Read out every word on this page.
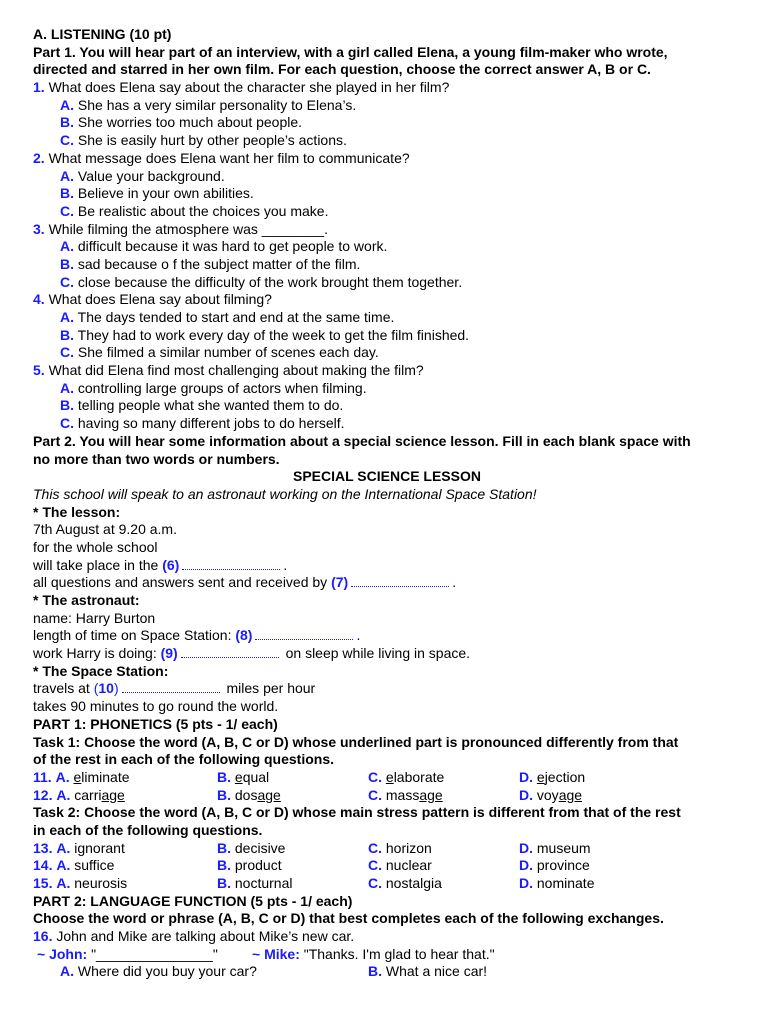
A. LISTENING (10 pt)
Part 1. You will hear part of an interview, with a girl called Elena, a young film-maker who wrote,
directed and starred in her own film. For each question, choose the correct answer A, B or C.
1. What does Elena say about the character she played in her film?
A. She has a very similar personality to Elena’s.
B. She worries too much about people.
C. She is easily hurt by other people’s actions.
2. What message does Elena want her film to communicate?
A. Value your background.
B. Believe in your own abilities.
C. Be realistic about the choices you make.
3. While filming the atmosphere was ________.
A. difficult because it was hard to get people to work.
B. sad because o f the subject matter of the film.
C. close because the difficulty of the work brought them together.
4. What does Elena say about filming?
A. The days tended to start and end at the same time.
B. They had to work every day of the week to get the film finished.
C. She filmed a similar number of scenes each day.
5. What did Elena find most challenging about making the film?
A. controlling large groups of actors when filming.
B. telling people what she wanted them to do.
C. having so many different jobs to do herself.
Part 2. You will hear some information about a special science lesson. Fill in each blank space with
no more than two words or numbers.
SPECIAL SCIENCE LESSON
This school will speak to an astronaut working on the International Space Station!
* The lesson:
7th August at 9.20 a.m.
for the whole school
will take place in the (6)	.
all questions and answers sent and received by (7)	.
* The astronaut:
name: Harry Burton
length of time on Space Station: (8)	.
work Harry is doing: (9)	on sleep while living in space.
* The Space Station:
travels at (10)	miles per hour
takes 90 minutes to go round the world.
PART 1: PHONETICS (5 pts - 1/ each)
Task 1: Choose the word (A, B, C or D) whose underlined part is pronounced differently from that
of the rest in each of the following questions.
11. A. eliminate	B. equal	C. elaborate	D. ejection
12. A. carriage	B. dosage	C. massage	D. voyage
Task 2: Choose the word (A, B, C or D) whose main stress pattern is different from that of the rest
in each of the following questions.
13. A. ignorant	B. decisive	C. horizon	D. museum
14. A. suffice	B. product	C. nuclear	D. province
15. A. neurosis	B. nocturnal	C. nostalgia	D. nominate
PART 2: LANGUAGE FUNCTION (5 pts - 1/ each)
Choose the word or phrase (A, B, C or D) that best completes each of the following exchanges.
16. John and Mike are talking about Mike’s new car.
~ John: "_______________" ~ Mike: "Thanks. I'm glad to hear that."
A. Where did you buy your car?	B. What a nice car!
